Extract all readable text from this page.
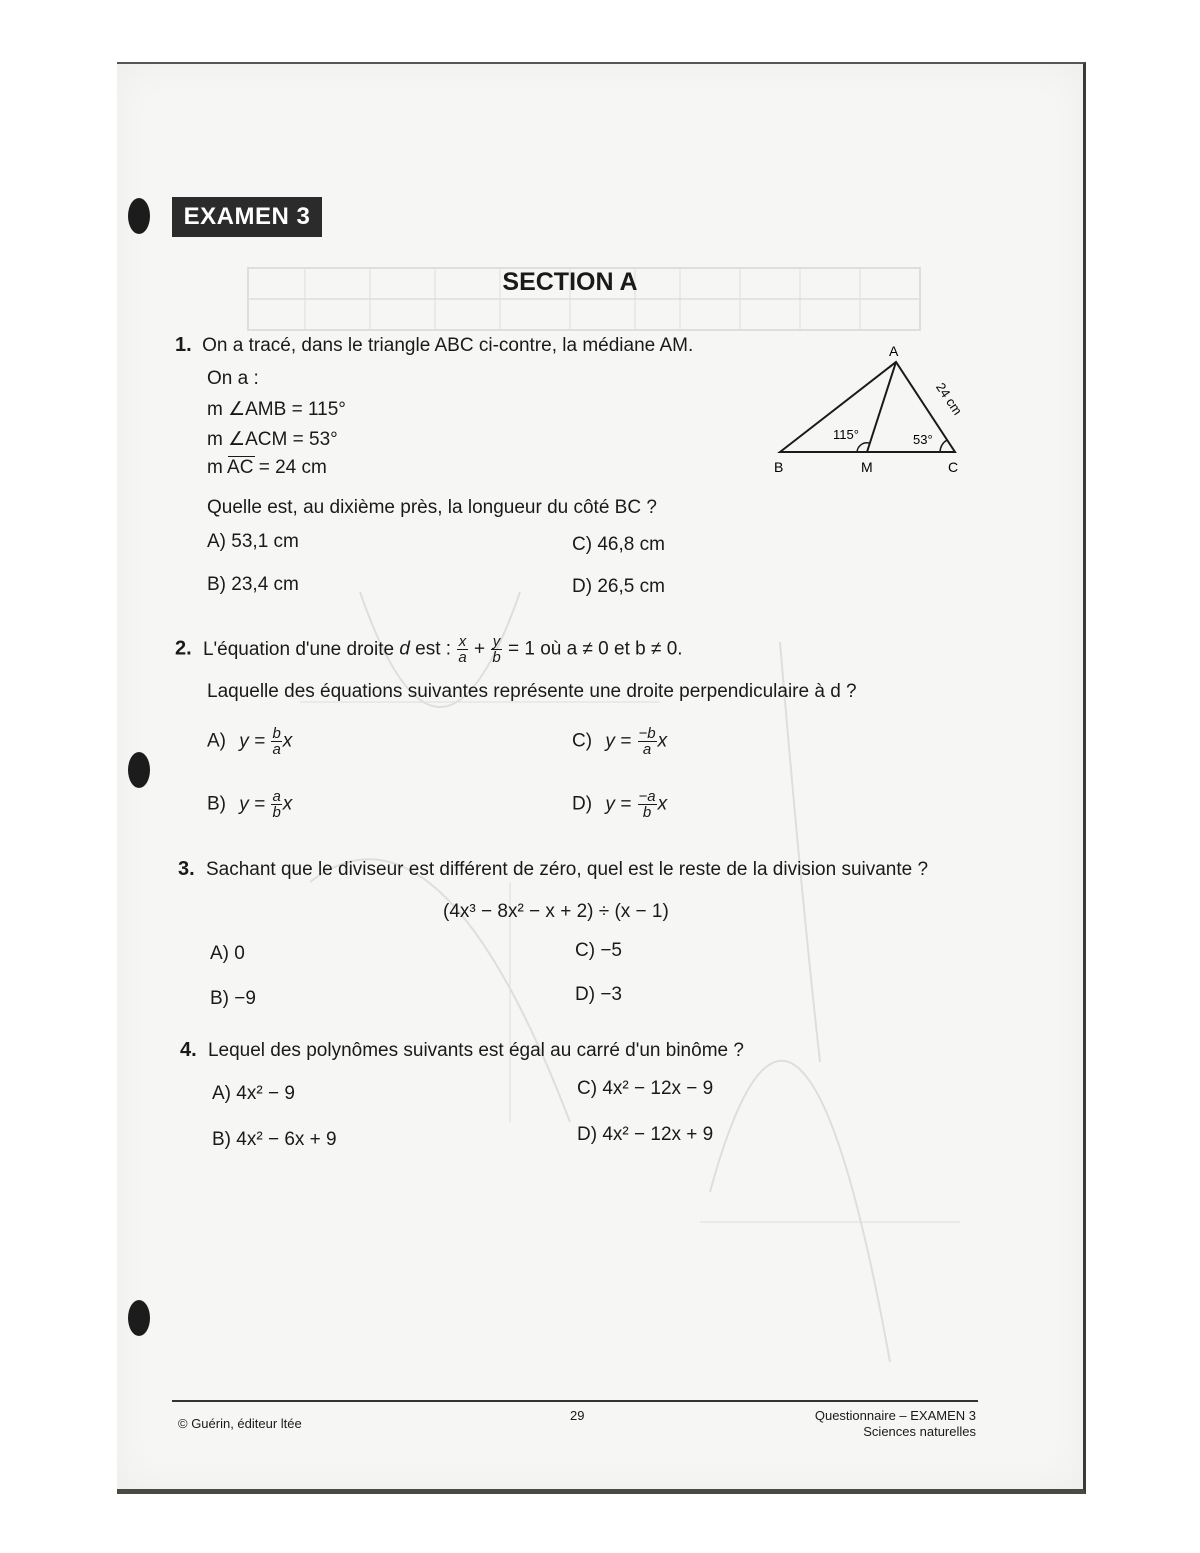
EXAMEN 3
SECTION A
1. On a tracé, dans le triangle ABC ci-contre, la médiane AM.
On a :
m ∠AMB = 115°
m ∠ACM = 53°
m AC = 24 cm
Quelle est, au dixième près, la longueur du côté BC ?
A) 53,1 cm	C) 46,8 cm
B) 23,4 cm	D) 26,5 cm
A
B	M	C
115°	53°
24 cm
2. L'équation d'une droite d est : $\frac{x}{a} + \frac{y}{b} = 1$ où a ≠ 0 et b ≠ 0.
Laquelle des équations suivantes représente une droite perpendiculaire à d ?
A) $y = \frac{b}{a}$ x	C) $y = \frac{-b}{a}$ x
B) $y = \frac{a}{b}$ x	D) $y = \frac{-a}{b}$ x
3. Sachant que le diviseur est différent de zéro, quel est le reste de la division suivante ?
(4x³ − 8x² − x + 2) ÷ (x − 1)
A) 0	C) −5
B) −9	D) −3
4. Lequel des polynômes suivants est égal au carré d'un binôme ?
A) 4x² − 9	C) 4x² − 12x − 9
B) 4x² − 6x + 9	D) 4x² − 12x + 9
© Guérin, éditeur ltée
29	Questionnaire – EXAMEN 3
Sciences naturelles
